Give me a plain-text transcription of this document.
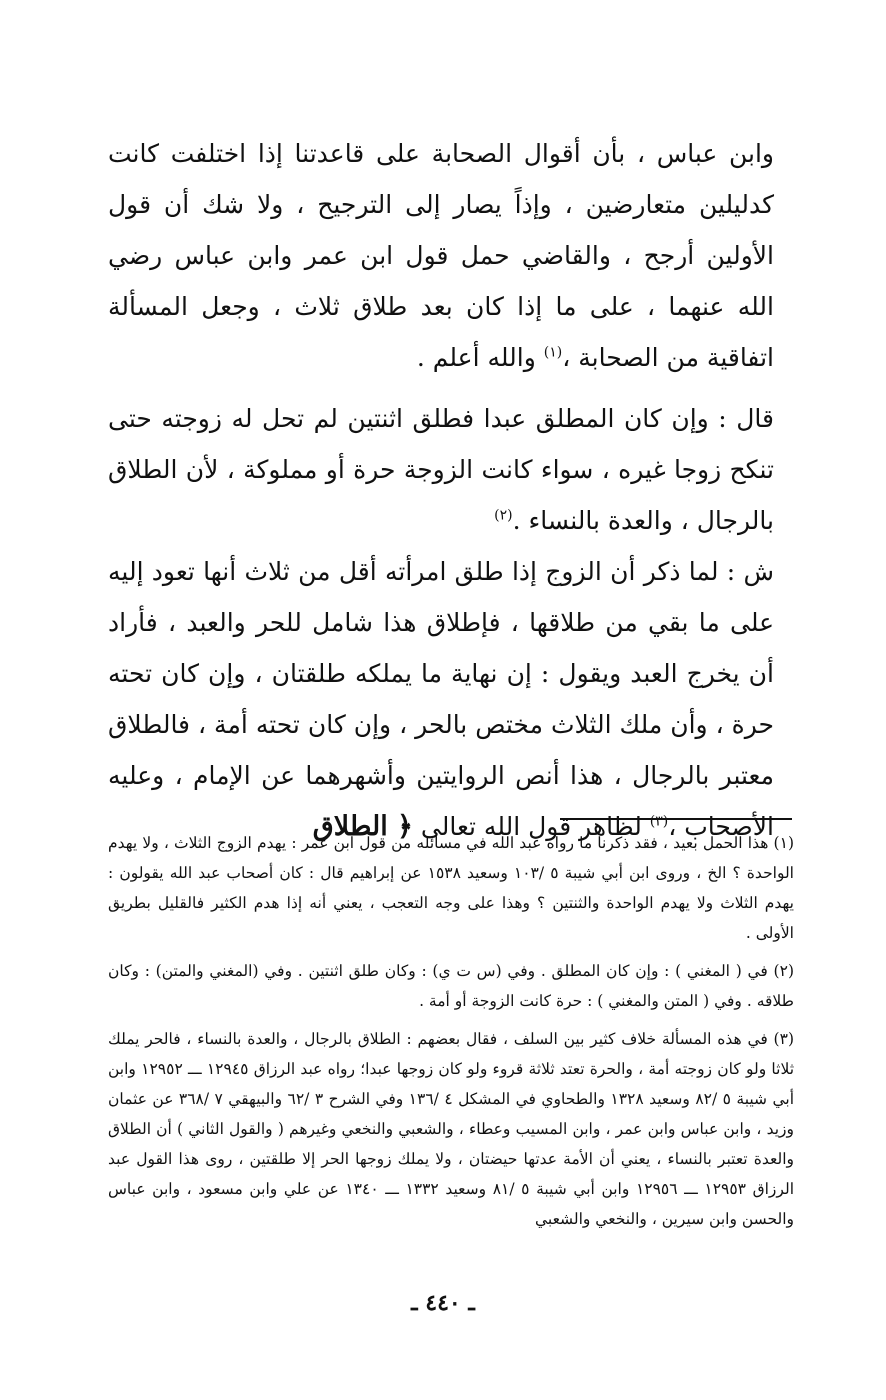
وابن عباس ، بأن أقوال الصحابة على قاعدتنا إذا اختلفت كانت كدليلين متعارضين ، وإذاً يصار إلى الترجيح ، ولا شك أن قول الأولين أرجح ، والقاضي حمل قول ابن عمر وابن عباس رضي الله عنهما ، على ما إذا كان بعد طلاق ثلاث ، وجعل المسألة اتفاقية من الصحابة ،$^{(١)}$ والله أعلم .

قال : وإن كان المطلق عبدا فطلق اثنتين لم تحل له زوجته حتى تنكح زوجا غيره ، سواء كانت الزوجة حرة أو مملوكة ، لأن الطلاق بالرجال ، والعدة بالنساء .$^{(٢)}$

ش : لما ذكر أن الزوج إذا طلق امرأته أقل من ثلاث أنها تعود إليه على ما بقي من طلاقها ، فإطلاق هذا شامل للحر والعبد ، فأراد أن يخرج العبد ويقول : إن نهاية ما يملكه طلقتان ، وإن كان تحته حرة ، وأن ملك الثلاث مختص بالحر ، وإن كان تحته أمة ، فالطلاق معتبر بالرجال ، هذا أنص الروايتين وأشهرهما عن الإمام ، وعليه الأصحاب ،$^{(٣)}$ لظاهر قول الله تعالى ﴿ الطلاق

(١) هذا الحمل بعيد ، فقد ذكرنا ما رواه عبد الله في مسائله من قول ابن عمر : يهدم الزوج الثلاث ، ولا يهدم الواحدة ؟ الخ ، وروى ابن أبي شيبة ٥ /١٠٣ وسعيد ١٥٣٨ عن إبراهيم قال : كان أصحاب عبد الله يقولون : يهدم الثلاث ولا يهدم الواحدة والثنتين ؟ وهذا على وجه التعجب ، يعني أنه إذا هدم الكثير فالقليل بطريق الأولى .

(٢) في ( المغني ) : وإن كان المطلق . وفي (س ت ي) : وكان طلق اثنتين . وفي (المغني والمتن) : وكان طلاقه . وفي ( المتن والمغني ) : حرة كانت الزوجة أو أمة .

(٣) في هذه المسألة خلاف كثير بين السلف ، فقال بعضهم : الطلاق بالرجال ، والعدة بالنساء ، فالحر يملك ثلاثا ولو كان زوجته أمة ، والحرة تعتد ثلاثة قروء ولو كان زوجها عبدا؛ رواه عبد الرزاق ١٢٩٤٥ ـــ ١٢٩٥٢ وابن أبي شيبة ٥ /٨٢ وسعيد ١٣٢٨ والطحاوي في المشكل ٤ /١٣٦ وفي الشرح ٣ /٦٢ والبيهقي ٧ /٣٦٨ عن عثمان وزيد ، وابن عباس وابن عمر ، وابن المسيب وعطاء ، والشعبي والنخعي وغيرهم ( والقول الثاني ) أن الطلاق والعدة تعتبر بالنساء ، يعني أن الأمة عدتها حيضتان ، ولا يملك زوجها الحر إلا طلقتين ، روى هذا القول عبد الرزاق ١٢٩٥٣ ـــ ١٢٩٥٦ وابن أبي شيبة ٥ /٨١ وسعيد ١٣٣٢ ـــ ١٣٤٠ عن علي وابن مسعود ، وابن عباس والحسن وابن سيرين ، والنخعي والشعبي

ـ ٤٤٠ ـ
